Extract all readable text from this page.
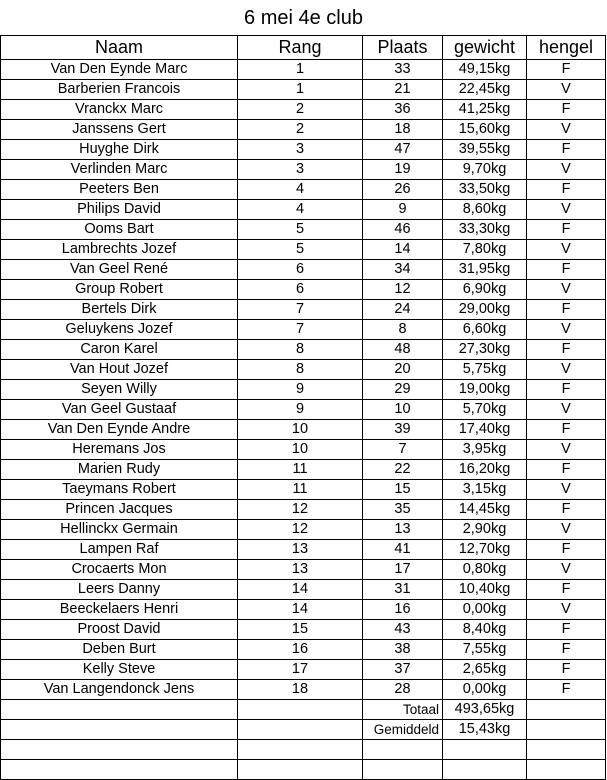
6 mei 4e club
Naam	Rang	Plaats	gewicht	hengel
Van Den Eynde Marc	1	33	49,15kg	F
Barberien Francois	1	21	22,45kg	V
Vranckx Marc	2	36	41,25kg	F
Janssens Gert	2	18	15,60kg	V
Huyghe Dirk	3	47	39,55kg	F
Verlinden Marc	3	19	9,70kg	V
Peeters Ben	4	26	33,50kg	F
Philips David	4	9	8,60kg	V
Ooms Bart	5	46	33,30kg	F
Lambrechts Jozef	5	14	7,80kg	V
Van Geel René	6	34	31,95kg	F
Group Robert	6	12	6,90kg	V
Bertels Dirk	7	24	29,00kg	F
Geluykens Jozef	7	8	6,60kg	V
Caron Karel	8	48	27,30kg	F
Van Hout Jozef	8	20	5,75kg	V
Seyen Willy	9	29	19,00kg	F
Van Geel Gustaaf	9	10	5,70kg	V
Van Den Eynde Andre	10	39	17,40kg	F
Heremans Jos	10	7	3,95kg	V
Marien Rudy	11	22	16,20kg	F
Taeymans Robert	11	15	3,15kg	V
Princen Jacques	12	35	14,45kg	F
Hellinckx Germain	12	13	2,90kg	V
Lampen Raf	13	41	12,70kg	F
Crocaerts Mon	13	17	0,80kg	V
Leers Danny	14	31	10,40kg	F
Beeckelaers Henri	14	16	0,00kg	V
Proost David	15	43	8,40kg	F
Deben Burt	16	38	7,55kg	F
Kelly Steve	17	37	2,65kg	F
Van Langendonck Jens	18	28	0,00kg	F
		Totaal	493,65kg	
		Gemiddeld	15,43kg	
